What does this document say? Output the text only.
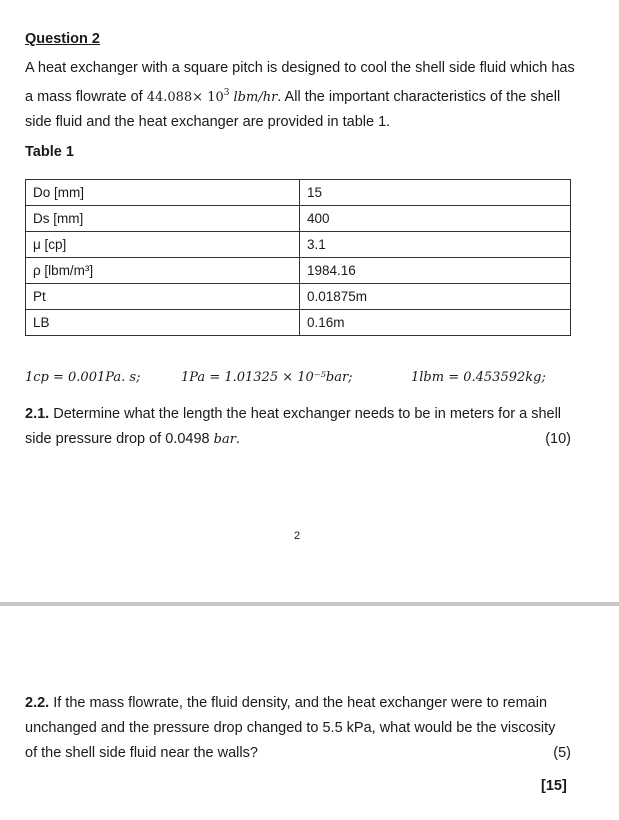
Question 2
A heat exchanger with a square pitch is designed to cool the shell side fluid which has a mass flowrate of $44.088\times 10^3$ lbm/hr. All the important characteristics of the shell side fluid and the heat exchanger are provided in table 1.
Table 1
Do [mm]	15
Ds [mm]	400
μ [cp]	3.1
ρ [lbm/m³]	1984.16
Pt	0.01875m
LB	0.16m
1cp = 0.001Pa. s;	1Pa = 1.01325 × 10⁻⁵bar;	1lbm = 0.453592kg;
2.1. Determine what the length the heat exchanger needs to be in meters for a shell side pressure drop of 0.0498 bar.	(10)
2
2.2. If the mass flowrate, the fluid density, and the heat exchanger were to remain unchanged and the pressure drop changed to 5.5 kPa, what would be the viscosity of the shell side fluid near the walls?	(5)
[15]
